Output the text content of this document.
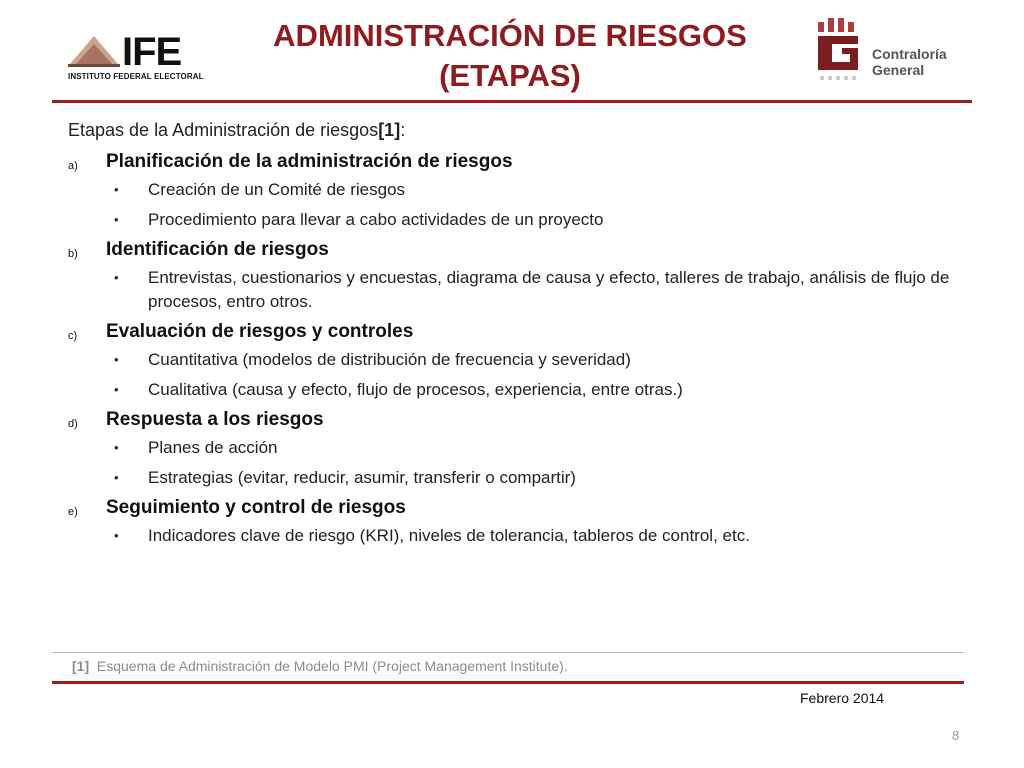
IFE
INSTITUTO FEDERAL ELECTORAL
ADMINISTRACIÓN DE RIESGOS
(ETAPAS)
Contraloría
General

Etapas de la Administración de riesgos[1]:

a) Planificación de la administración de riesgos
• Creación de un Comité de riesgos
• Procedimiento para llevar a cabo actividades de un proyecto
b) Identificación de riesgos
• Entrevistas, cuestionarios y encuestas, diagrama de causa y efecto, talleres de trabajo, análisis de flujo de procesos, entro otros.
c) Evaluación de riesgos y controles
• Cuantitativa (modelos de distribución de frecuencia y severidad)
• Cualitativa (causa y efecto, flujo de procesos, experiencia, entre otras.)
d) Respuesta a los riesgos
• Planes de acción
• Estrategias (evitar, reducir, asumir, transferir o compartir)
e) Seguimiento y control de riesgos
• Indicadores clave de riesgo (KRI), niveles de tolerancia, tableros de control, etc.
[1] Esquema de Administración de Modelo PMI (Project Management Institute).
Febrero 2014
8
